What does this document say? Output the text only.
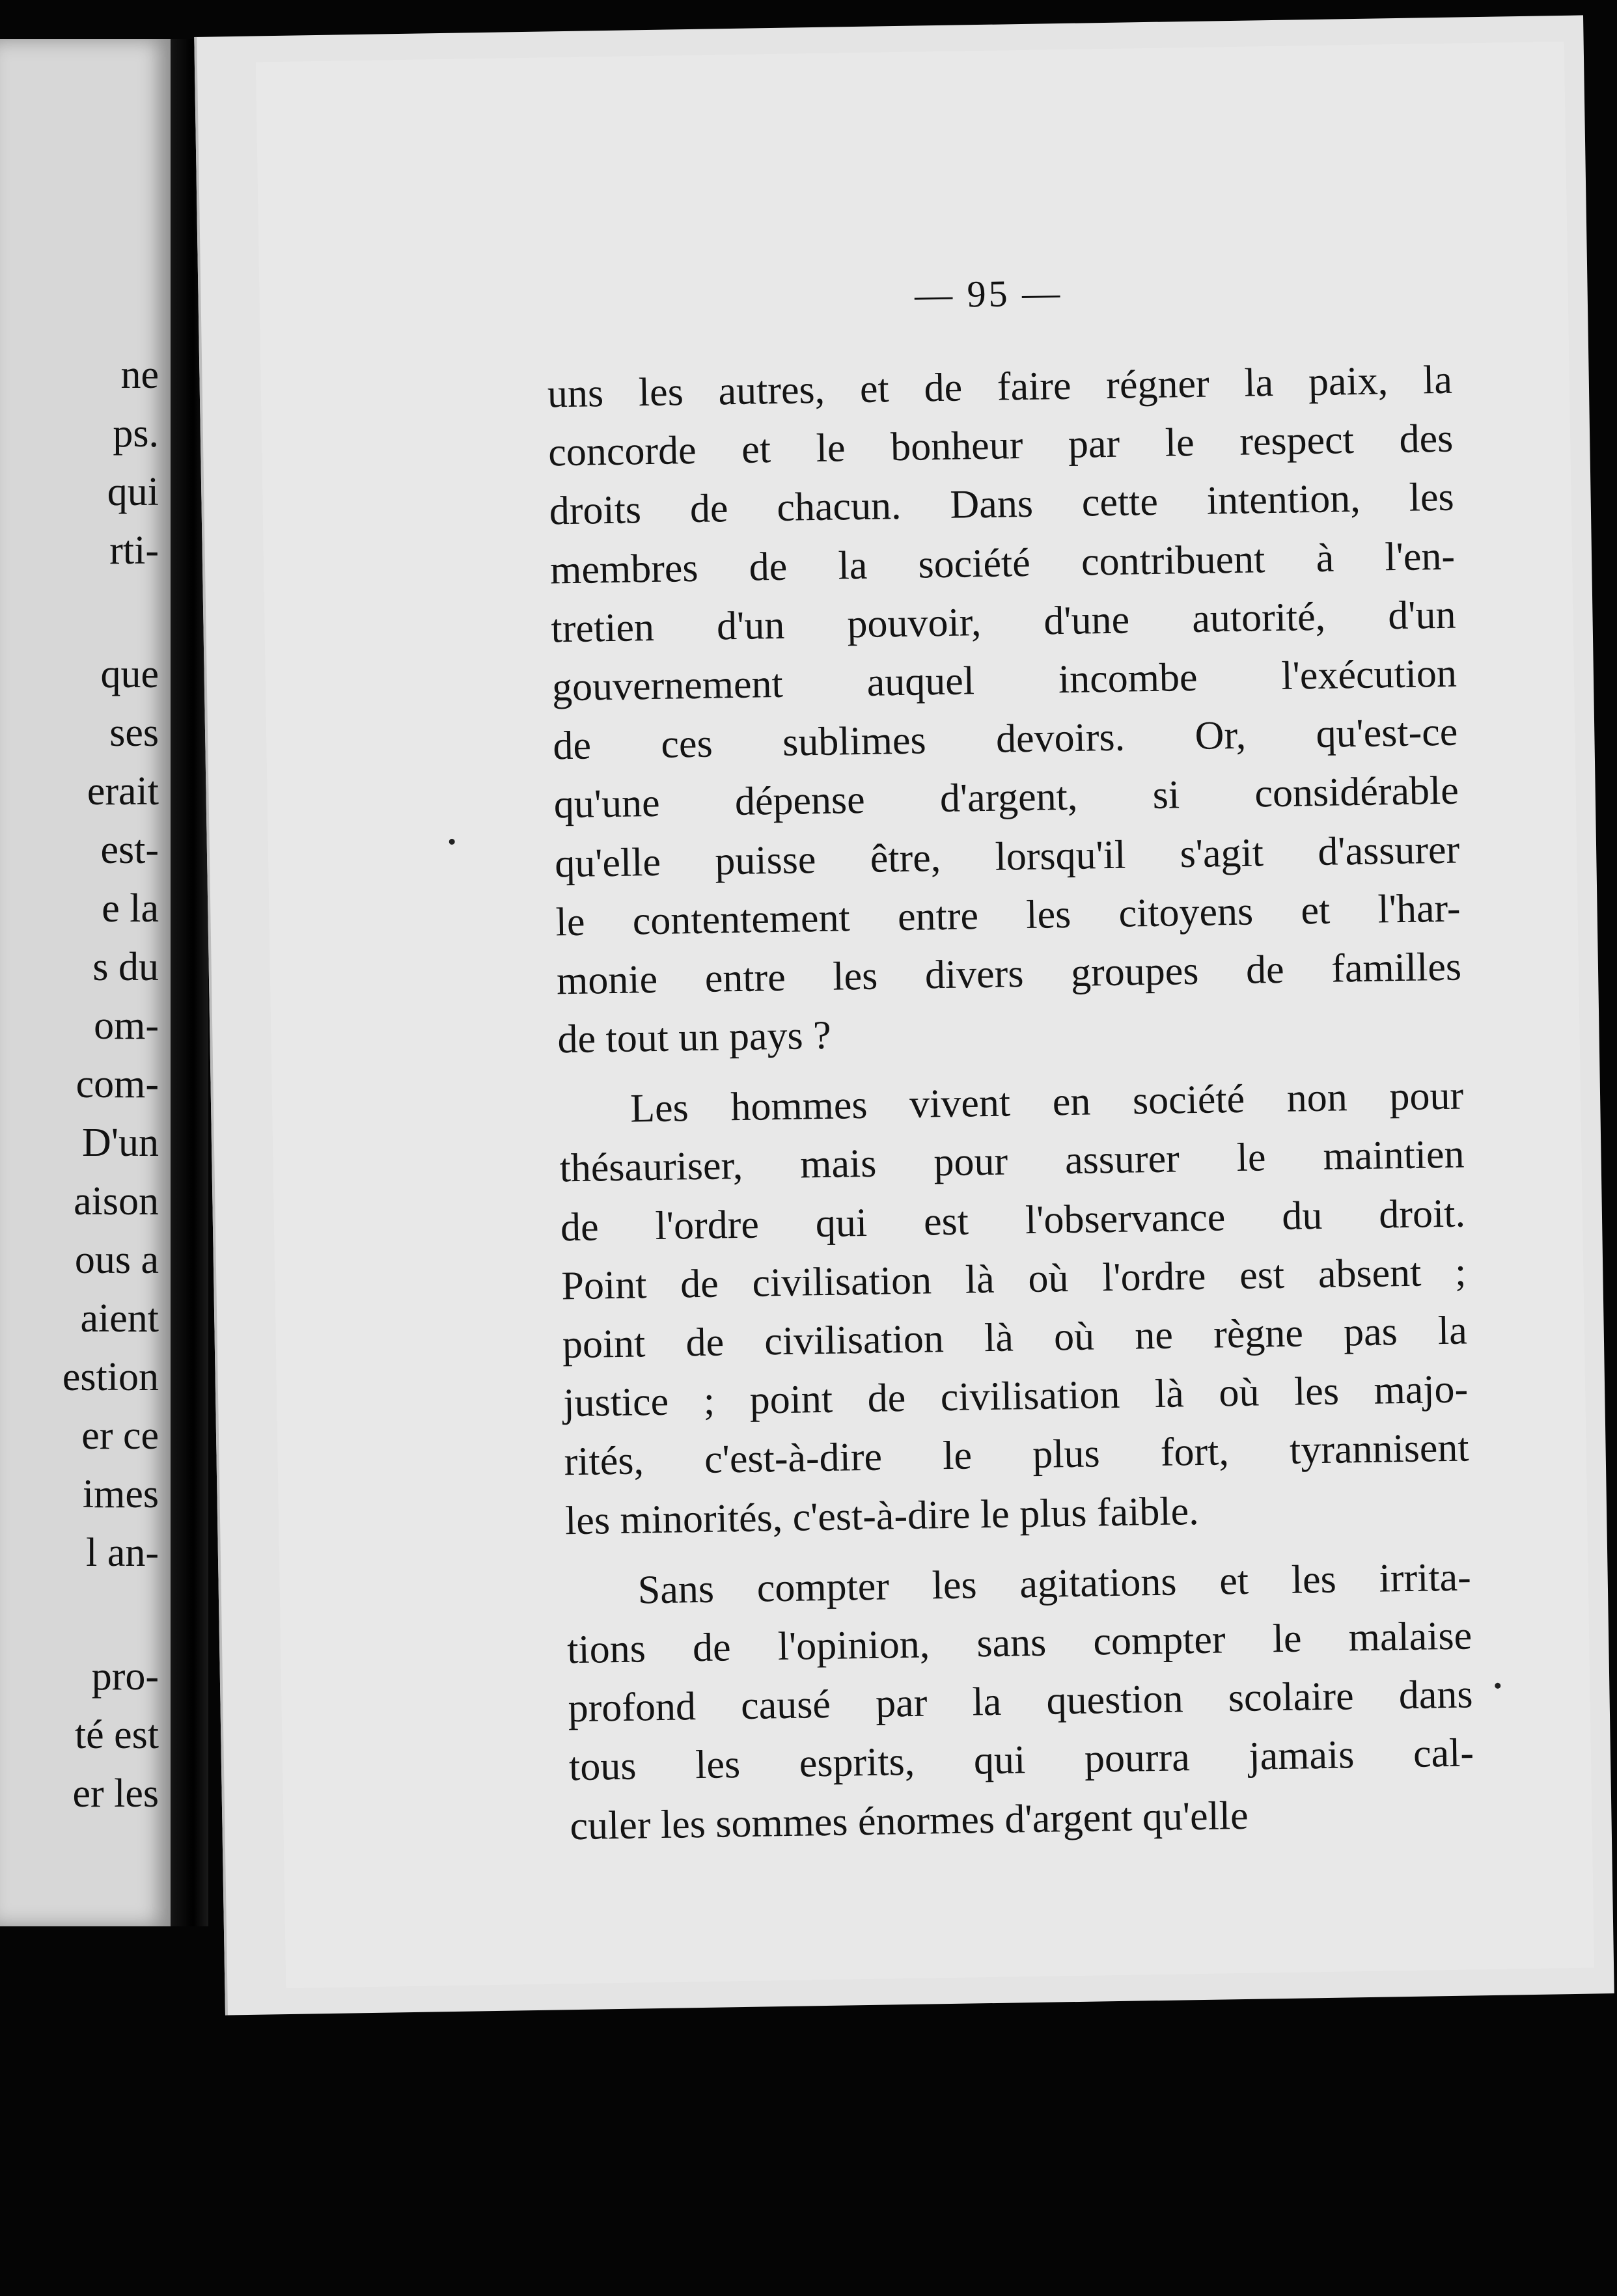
ne
ps.
qui
rti-
que
ses
erait
est-
e la
s du
om-
com-
D'un
aison
ous a
aient
estion
er ce
imes
l an-
pro-
té est
er les
— 95 —
uns les autres, et de faire régner la paix, la
concorde et le bonheur par le respect des
droits de chacun. Dans cette intention, les
membres de la société contribuent à l'en-
tretien d'un pouvoir, d'une autorité, d'un
gouvernement auquel incombe l'exécution
de ces sublimes devoirs. Or, qu'est-ce
qu'une dépense d'argent, si considérable
qu'elle puisse être, lorsqu'il s'agit d'assurer
le contentement entre les citoyens et l'har-
monie entre les divers groupes de familles
de tout un pays ?
Les hommes vivent en société non pour
thésauriser, mais pour assurer le maintien
de l'ordre qui est l'observance du droit.
Point de civilisation là où l'ordre est absent ;
point de civilisation là où ne règne pas la
justice ; point de civilisation là où les majo-
rités, c'est-à-dire le plus fort, tyrannisent
les minorités, c'est-à-dire le plus faible.
Sans compter les agitations et les irrita-
tions de l'opinion, sans compter le malaise
profond causé par la question scolaire dans
tous les esprits, qui pourra jamais cal-
culer les sommes énormes d'argent qu'elle
